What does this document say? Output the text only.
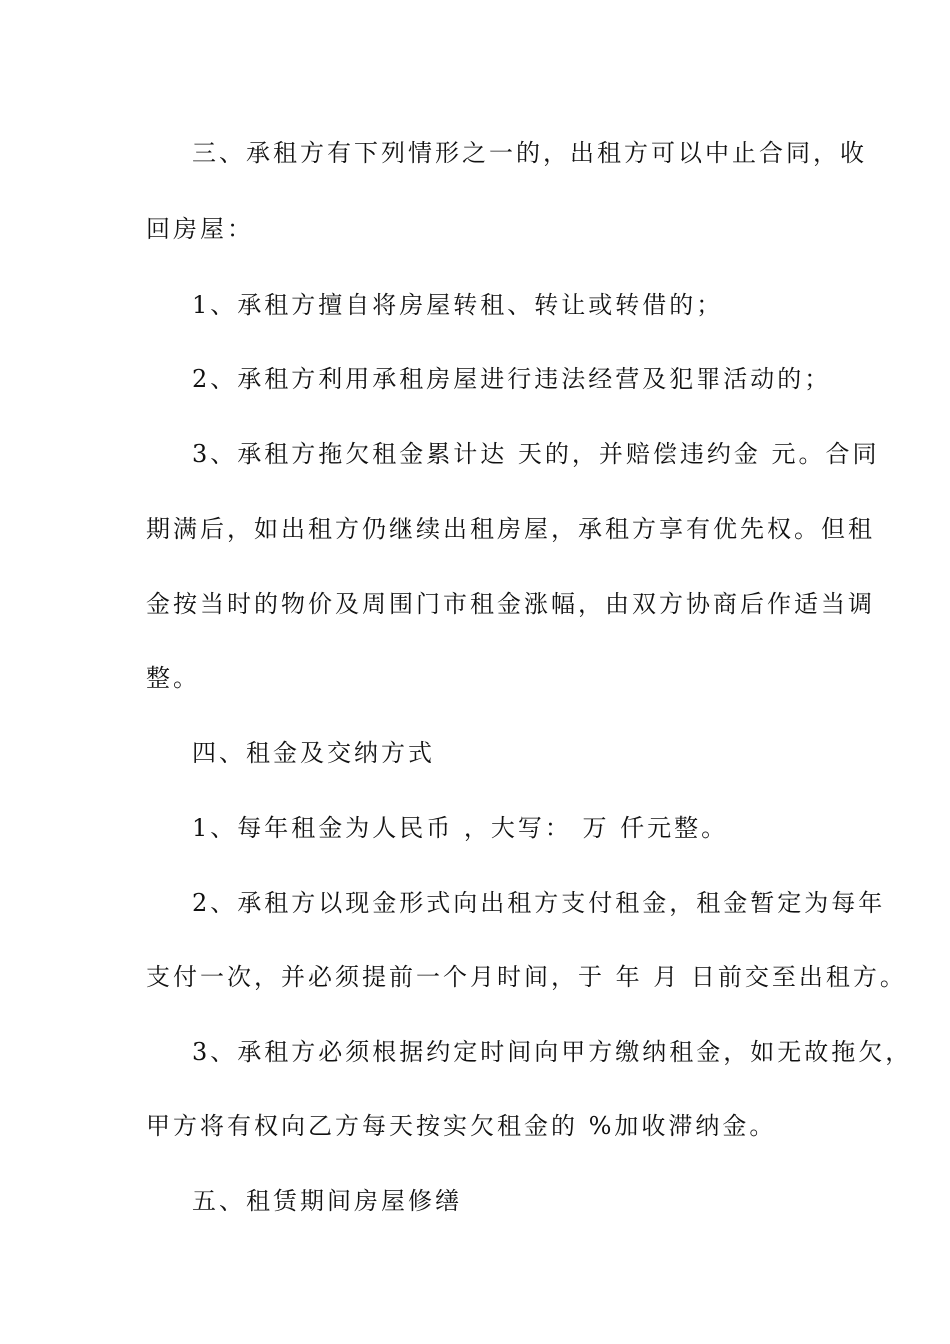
三、承租方有下列情形之一的，出租方可以中止合同，收
回房屋：
1、承租方擅自将房屋转租、转让或转借的；
2、承租方利用承租房屋进行违法经营及犯罪活动的；
3、承租方拖欠租金累计达 天的，并赔偿违约金 元。合同
期满后，如出租方仍继续出租房屋，承租方享有优先权。但租
金按当时的物价及周围门市租金涨幅，由双方协商后作适当调
整。
四、租金及交纳方式
1、每年租金为人民币 ，大写： 万 仟元整。
2、承租方以现金形式向出租方支付租金，租金暂定为每年
支付一次，并必须提前一个月时间，于 年 月 日前交至出租方。
3、承租方必须根据约定时间向甲方缴纳租金，如无故拖欠，
甲方将有权向乙方每天按实欠租金的 %加收滞纳金。
五、租赁期间房屋修缮
